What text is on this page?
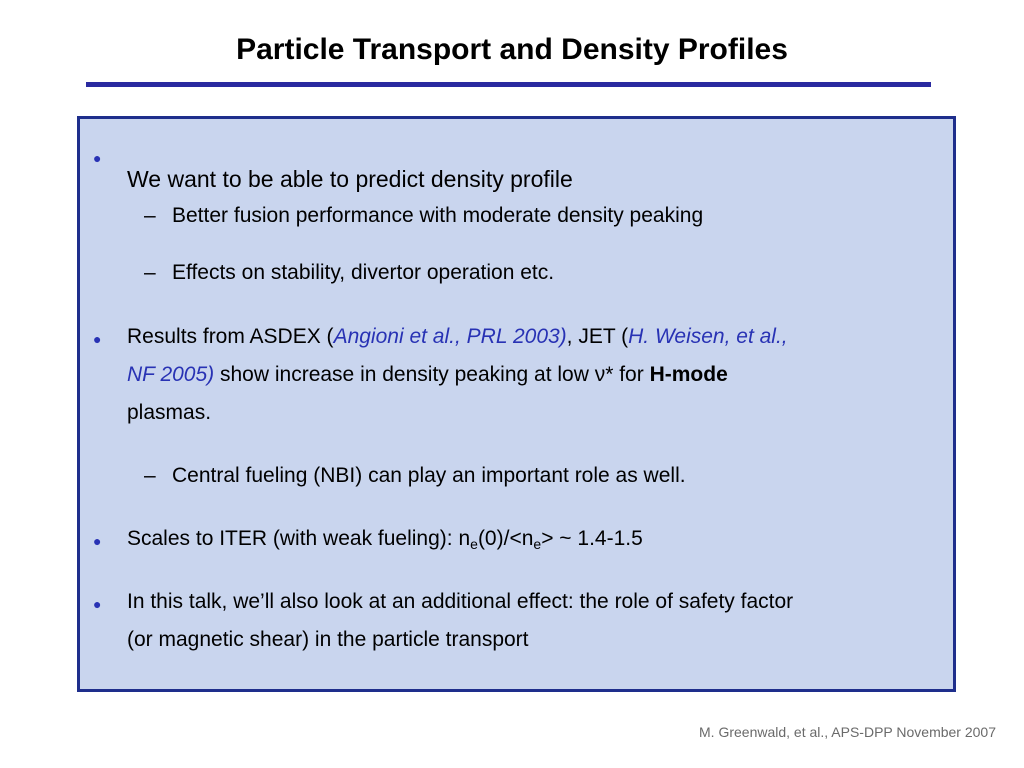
Particle Transport and Density Profiles
●

We want to be able to predict density profile

– Better fusion performance with moderate density peaking

– Effects on stability, divertor operation etc.

● Results from ASDEX (Angioni et al., PRL 2003), JET (H. Weisen, et al.,
NF 2005) show increase in density peaking at low ν* for H-mode
plasmas.

– Central fueling (NBI) can play an important role as well.

● Scales to ITER (with weak fueling): $n_e(0)/<n_e>$ ~ 1.4-1.5

● In this talk, we’ll also look at an additional effect: the role of safety factor
(or magnetic shear) in the particle transport

M. Greenwald, et al., APS-DPP November 2007
